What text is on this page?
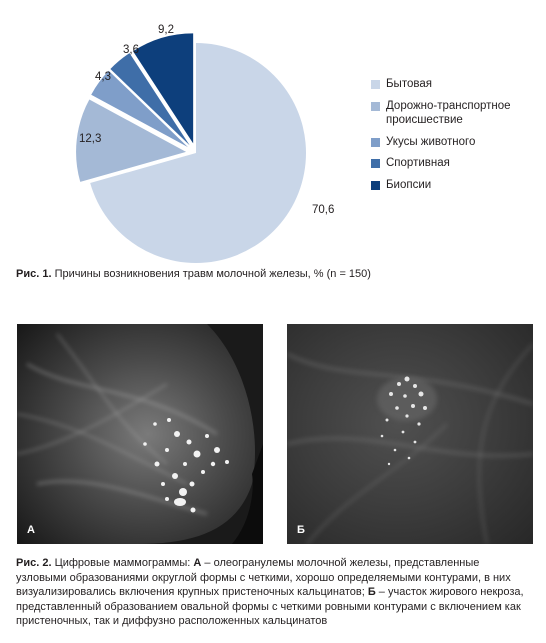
70,6
12,3
4,3
3,6
9,2
Бытовая
Дорожно-транспортное происшествие
Укусы животного
Спортивная
Биопсии
Рис. 1. Причины возникновения травм молочной железы, % (n = 150)
А	Б
Рис. 2. Цифровые маммограммы: А – олеогранулемы молочной железы, представленные узловыми образованиями округлой формы с четкими, хорошо определяемыми контурами, в них визуализировались включения крупных пристеночных кальцинатов; Б – участок жирового некроза, представленный образованием овальной формы с четкими ровными контурами с включением как пристеночных, так и диффузно расположенных кальцинатов
